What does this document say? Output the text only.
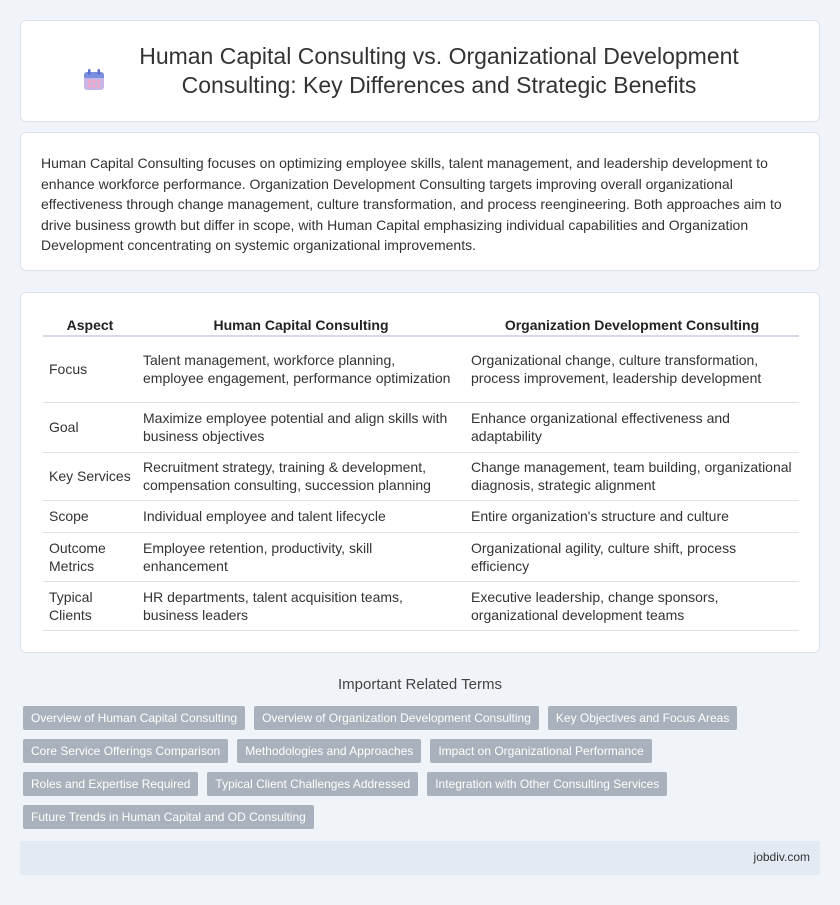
Human Capital Consulting vs. Organizational Development Consulting: Key Differences and Strategic Benefits

Human Capital Consulting focuses on optimizing employee skills, talent management, and leadership development to enhance workforce performance. Organization Development Consulting targets improving overall organizational effectiveness through change management, culture transformation, and process reengineering. Both approaches aim to drive business growth but differ in scope, with Human Capital emphasizing individual capabilities and Organization Development concentrating on systemic organizational improvements.

Aspect	Human Capital Consulting	Organization Development Consulting
Focus	Talent management, workforce planning, employee engagement, performance optimization	Organizational change, culture transformation, process improvement, leadership development
Goal	Maximize employee potential and align skills with business objectives	Enhance organizational effectiveness and adaptability
Key Services	Recruitment strategy, training & development, compensation consulting, succession planning	Change management, team building, organizational diagnosis, strategic alignment
Scope	Individual employee and talent lifecycle	Entire organization's structure and culture
Outcome Metrics	Employee retention, productivity, skill enhancement	Organizational agility, culture shift, process efficiency
Typical Clients	HR departments, talent acquisition teams, business leaders	Executive leadership, change sponsors, organizational development teams
Important Related Terms
Overview of Human Capital Consulting	Overview of Organization Development Consulting	Key Objectives and Focus Areas
Core Service Offerings Comparison	Methodologies and Approaches	Impact on Organizational Performance
Roles and Expertise Required	Typical Client Challenges Addressed	Integration with Other Consulting Services
Future Trends in Human Capital and OD Consulting
jobdiv.com
